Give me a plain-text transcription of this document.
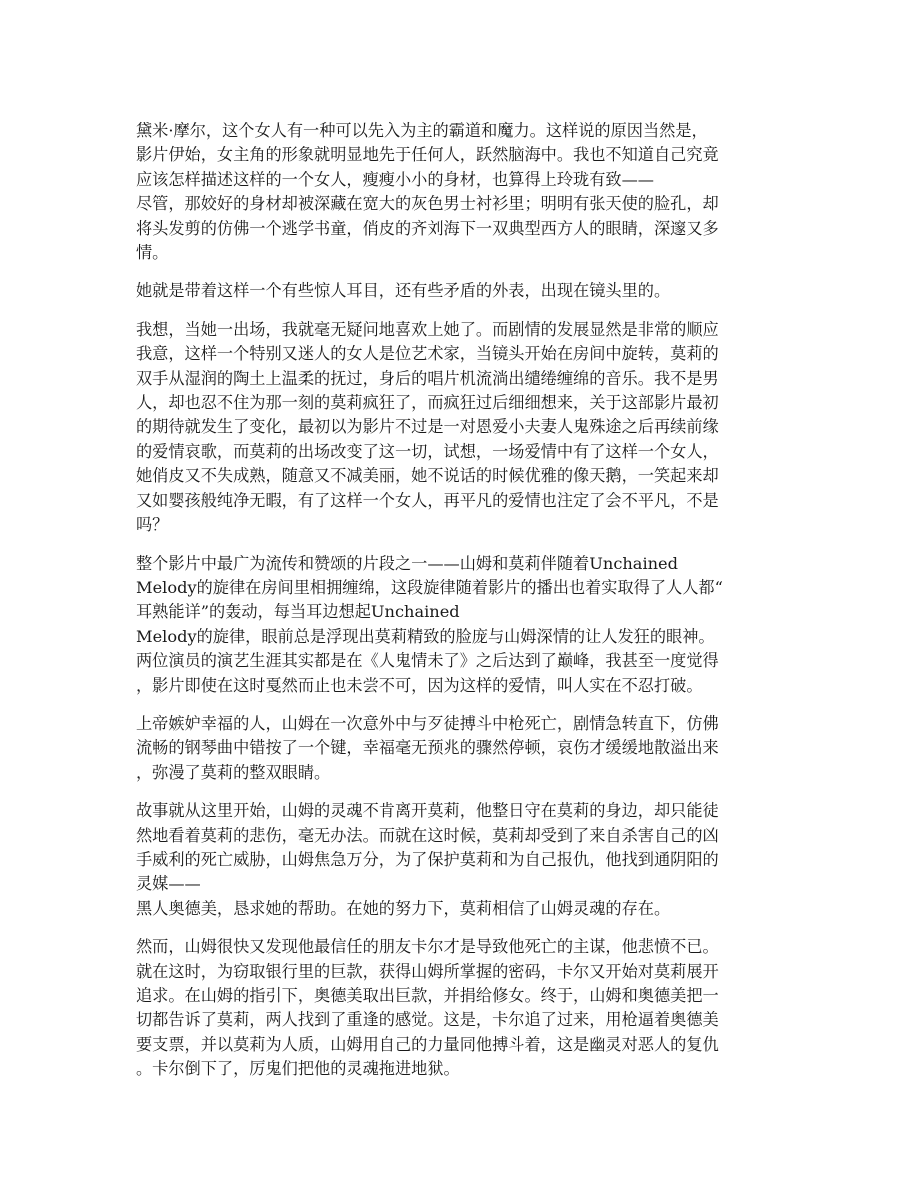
黛米·摩尔，这个女人有一种可以先入为主的霸道和魔力。这样说的原因当然是，
影片伊始，女主角的形象就明显地先于任何人，跃然脑海中。我也不知道自己究竟
应该怎样描述这样的一个女人，瘦瘦小小的身材，也算得上玲珑有致——
尽管，那姣好的身材却被深藏在宽大的灰色男士衬衫里；明明有张天使的脸孔，却
将头发剪的仿佛一个逃学书童，俏皮的齐刘海下一双典型西方人的眼睛，深邃又多
情。

她就是带着这样一个有些惊人耳目，还有些矛盾的外表，出现在镜头里的。

我想，当她一出场，我就毫无疑问地喜欢上她了。而剧情的发展显然是非常的顺应
我意，这样一个特别又迷人的女人是位艺术家，当镜头开始在房间中旋转，莫莉的
双手从湿润的陶土上温柔的抚过，身后的唱片机流淌出缱绻缠绵的音乐。我不是男
人，却也忍不住为那一刻的莫莉疯狂了，而疯狂过后细细想来，关于这部影片最初
的期待就发生了变化，最初以为影片不过是一对恩爱小夫妻人鬼殊途之后再续前缘
的爱情哀歌，而莫莉的出场改变了这一切，试想，一场爱情中有了这样一个女人，
她俏皮又不失成熟，随意又不减美丽，她不说话的时候优雅的像天鹅，一笑起来却
又如婴孩般纯净无暇，有了这样一个女人，再平凡的爱情也注定了会不平凡，不是
吗？

整个影片中最广为流传和赞颂的片段之一——山姆和莫莉伴随着Unchained
Melody的旋律在房间里相拥缠绵，这段旋律随着影片的播出也着实取得了人人都“
耳熟能详”的轰动，每当耳边想起Unchained
Melody的旋律，眼前总是浮现出莫莉精致的脸庞与山姆深情的让人发狂的眼神。
两位演员的演艺生涯其实都是在《人鬼情未了》之后达到了巅峰，我甚至一度觉得
，影片即使在这时戛然而止也未尝不可，因为这样的爱情，叫人实在不忍打破。

上帝嫉妒幸福的人，山姆在一次意外中与歹徒搏斗中枪死亡，剧情急转直下，仿佛
流畅的钢琴曲中错按了一个键，幸福毫无预兆的骤然停顿，哀伤才缓缓地散溢出来
，弥漫了莫莉的整双眼睛。

故事就从这里开始，山姆的灵魂不肯离开莫莉，他整日守在莫莉的身边，却只能徒
然地看着莫莉的悲伤，毫无办法。而就在这时候，莫莉却受到了来自杀害自己的凶
手威利的死亡威胁，山姆焦急万分，为了保护莫莉和为自己报仇，他找到通阴阳的
灵媒——
黑人奥德美，恳求她的帮助。在她的努力下，莫莉相信了山姆灵魂的存在。

然而，山姆很快又发现他最信任的朋友卡尔才是导致他死亡的主谋，他悲愤不已。
就在这时，为窃取银行里的巨款，获得山姆所掌握的密码，卡尔又开始对莫莉展开
追求。在山姆的指引下，奥德美取出巨款，并捐给修女。终于，山姆和奥德美把一
切都告诉了莫莉，两人找到了重逢的感觉。这是，卡尔追了过来，用枪逼着奥德美
要支票，并以莫莉为人质，山姆用自己的力量同他搏斗着，这是幽灵对恶人的复仇
。卡尔倒下了，厉鬼们把他的灵魂拖进地狱。
